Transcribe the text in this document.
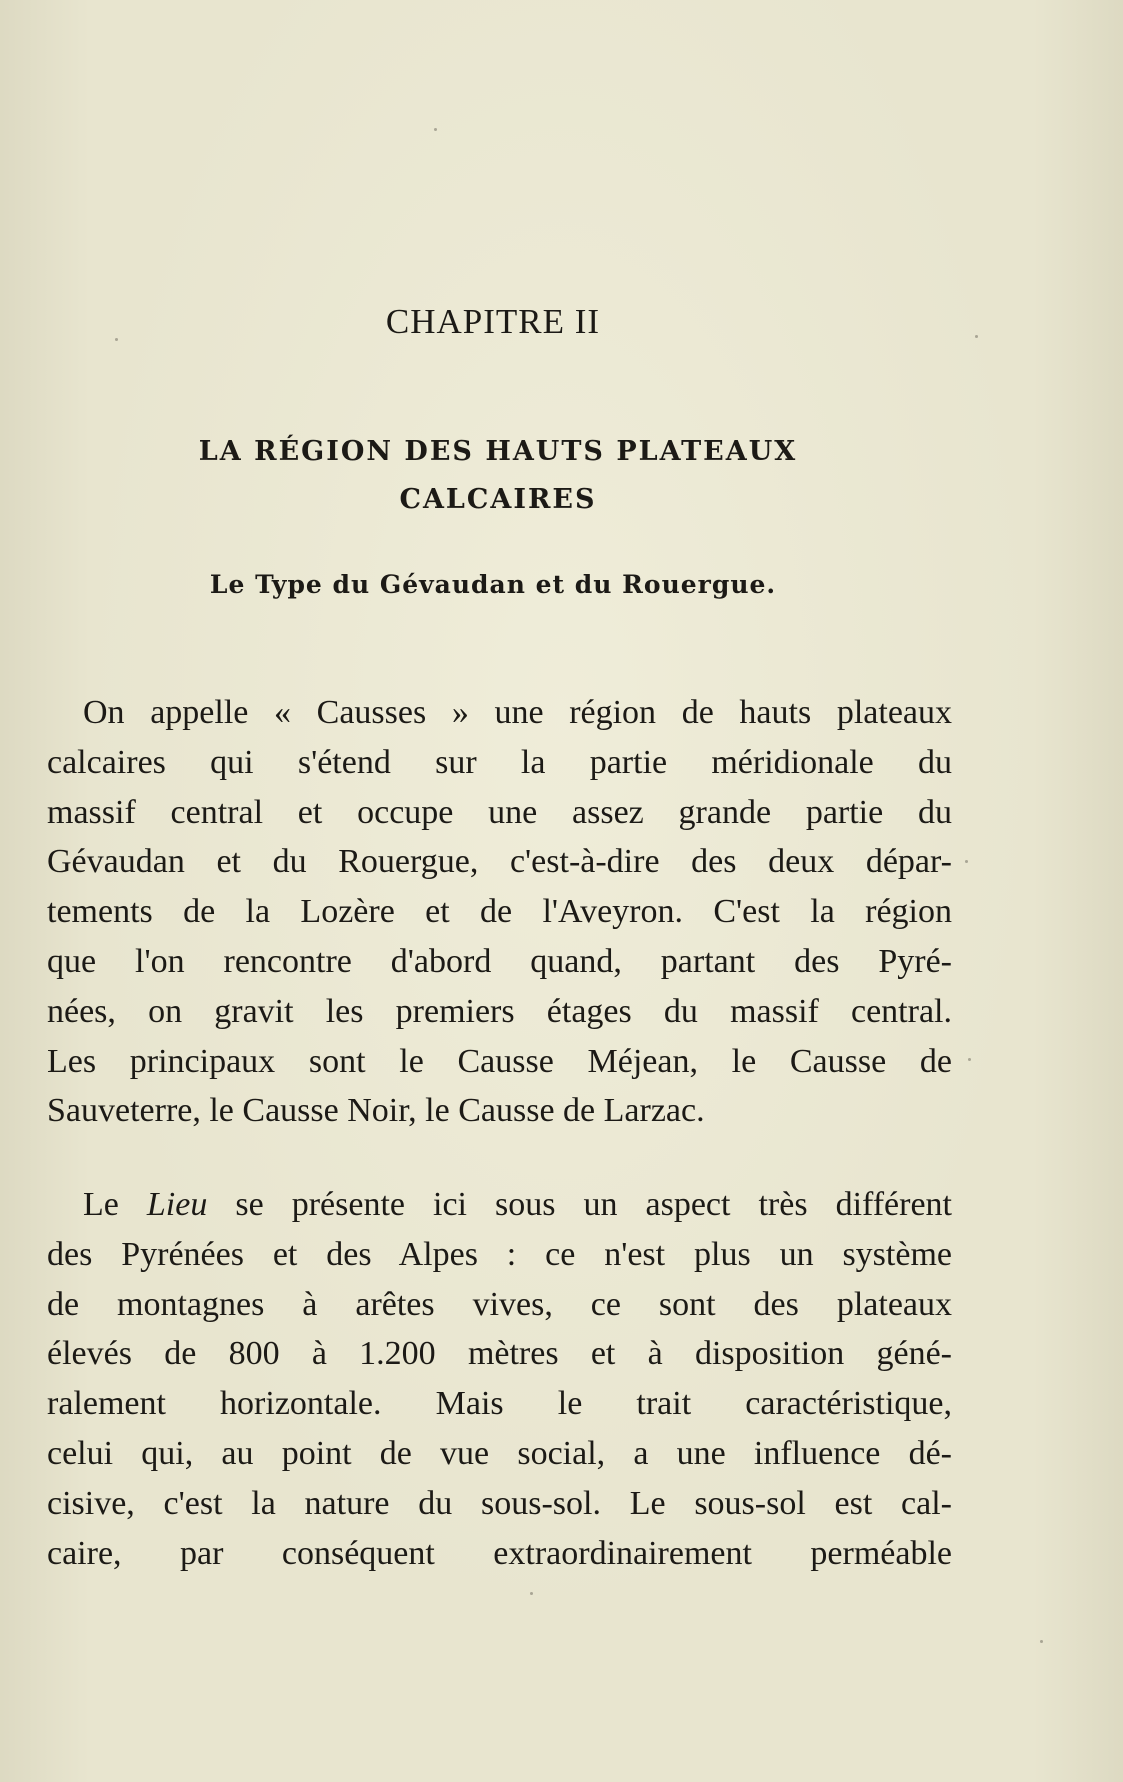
CHAPITRE II
LA RÉGION DES HAUTS PLATEAUX
CALCAIRES
Le Type du Gévaudan et du Rouergue.
On appelle « Causses » une région de hauts plateaux
calcaires qui s'étend sur la partie méridionale du
massif central et occupe une assez grande partie du
Gévaudan et du Rouergue, c'est-à-dire des deux dépar-
tements de la Lozère et de l'Aveyron. C'est la région
que l'on rencontre d'abord quand, partant des Pyré-
nées, on gravit les premiers étages du massif central.
Les principaux sont le Causse Méjean, le Causse de
Sauveterre, le Causse Noir, le Causse de Larzac.
Le Lieu se présente ici sous un aspect très différent
des Pyrénées et des Alpes : ce n'est plus un système
de montagnes à arêtes vives, ce sont des plateaux
élevés de 800 à 1.200 mètres et à disposition géné-
ralement horizontale. Mais le trait caractéristique,
celui qui, au point de vue social, a une influence dé-
cisive, c'est la nature du sous-sol. Le sous-sol est cal-
caire, par conséquent extraordinairement perméable
